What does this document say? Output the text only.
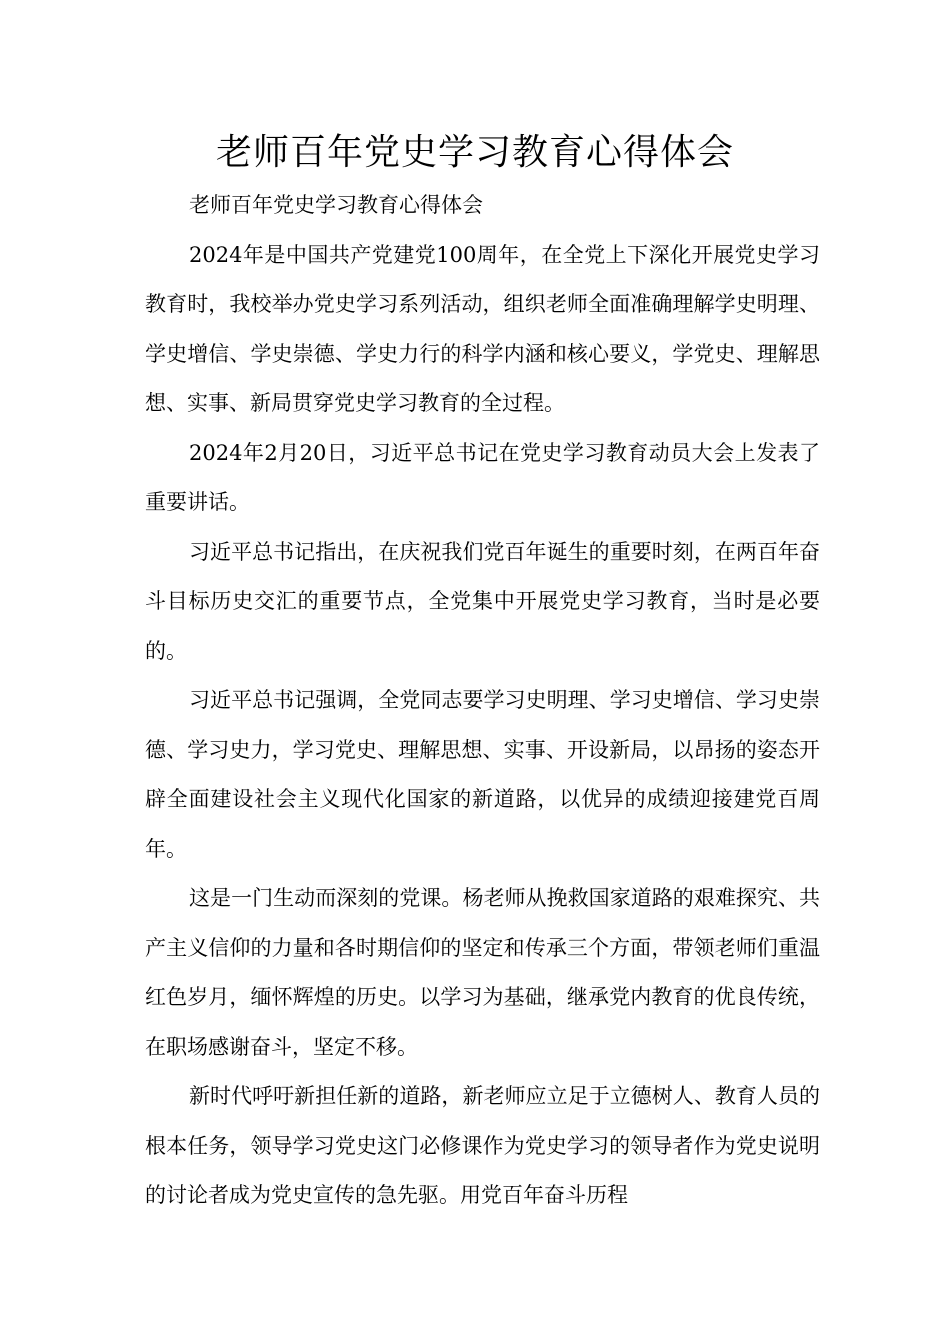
老师百年党史学习教育心得体会

老师百年党史学习教育心得体会

2024年是中国共产党建党100周年，在全党上下深化开展党史学习教育时，我校举办党史学习系列活动，组织老师全面准确理解学史明理、学史增信、学史崇德、学史力行的科学内涵和核心要义，学党史、理解思想、实事、新局贯穿党史学习教育的全过程。

2024年2月20日，习近平总书记在党史学习教育动员大会上发表了重要讲话。

习近平总书记指出，在庆祝我们党百年诞生的重要时刻，在两百年奋斗目标历史交汇的重要节点，全党集中开展党史学习教育，当时是必要的。

习近平总书记强调，全党同志要学习史明理、学习史增信、学习史崇德、学习史力，学习党史、理解思想、实事、开设新局，以昂扬的姿态开辟全面建设社会主义现代化国家的新道路，以优异的成绩迎接建党百周年。

这是一门生动而深刻的党课。杨老师从挽救国家道路的艰难探究、共产主义信仰的力量和各时期信仰的坚定和传承三个方面，带领老师们重温红色岁月，缅怀辉煌的历史。以学习为基础，继承党内教育的优良传统，在职场感谢奋斗，坚定不移。

新时代呼吁新担任新的道路，新老师应立足于立德树人、教育人员的根本任务，领导学习党史这门必修课作为党史学习的领导者作为党史说明的讨论者成为党史宣传的急先驱。用党百年奋斗历程
